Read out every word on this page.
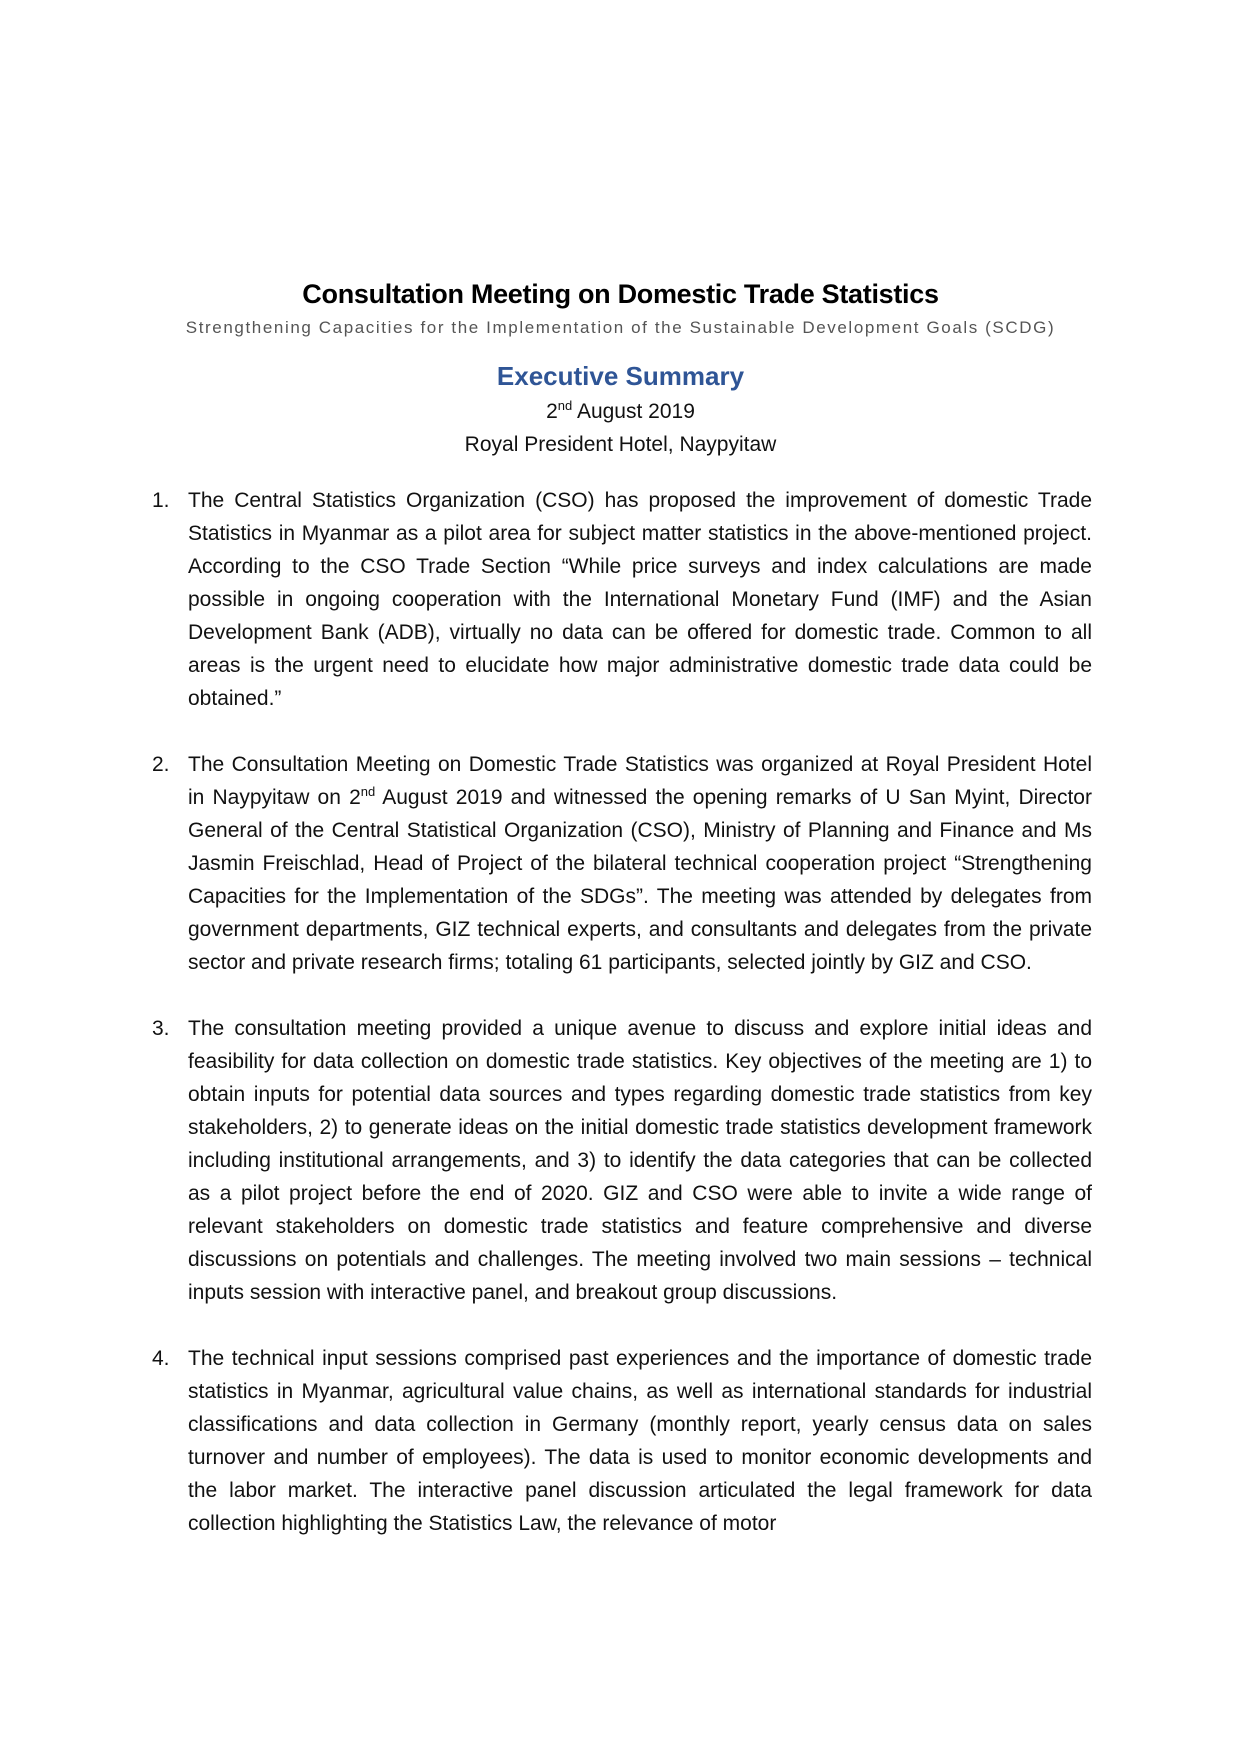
Consultation Meeting on Domestic Trade Statistics
Strengthening Capacities for the Implementation of the Sustainable Development Goals (SCDG)
Executive Summary
2nd August 2019
Royal President Hotel, Naypyitaw
1. The Central Statistics Organization (CSO) has proposed the improvement of domestic Trade Statistics in Myanmar as a pilot area for subject matter statistics in the above-mentioned project. According to the CSO Trade Section “While price surveys and index calculations are made possible in ongoing cooperation with the International Monetary Fund (IMF) and the Asian Development Bank (ADB), virtually no data can be offered for domestic trade. Common to all areas is the urgent need to elucidate how major administrative domestic trade data could be obtained.”
2. The Consultation Meeting on Domestic Trade Statistics was organized at Royal President Hotel in Naypyitaw on 2nd August 2019 and witnessed the opening remarks of U San Myint, Director General of the Central Statistical Organization (CSO), Ministry of Planning and Finance and Ms Jasmin Freischlad, Head of Project of the bilateral technical cooperation project “Strengthening Capacities for the Implementation of the SDGs”. The meeting was attended by delegates from government departments, GIZ technical experts, and consultants and delegates from the private sector and private research firms; totaling 61 participants, selected jointly by GIZ and CSO.
3. The consultation meeting provided a unique avenue to discuss and explore initial ideas and feasibility for data collection on domestic trade statistics. Key objectives of the meeting are 1) to obtain inputs for potential data sources and types regarding domestic trade statistics from key stakeholders, 2) to generate ideas on the initial domestic trade statistics development framework including institutional arrangements, and 3) to identify the data categories that can be collected as a pilot project before the end of 2020. GIZ and CSO were able to invite a wide range of relevant stakeholders on domestic trade statistics and feature comprehensive and diverse discussions on potentials and challenges. The meeting involved two main sessions – technical inputs session with interactive panel, and breakout group discussions.
4. The technical input sessions comprised past experiences and the importance of domestic trade statistics in Myanmar, agricultural value chains, as well as international standards for industrial classifications and data collection in Germany (monthly report, yearly census data on sales turnover and number of employees). The data is used to monitor economic developments and the labor market. The interactive panel discussion articulated the legal framework for data collection highlighting the Statistics Law, the relevance of motor
